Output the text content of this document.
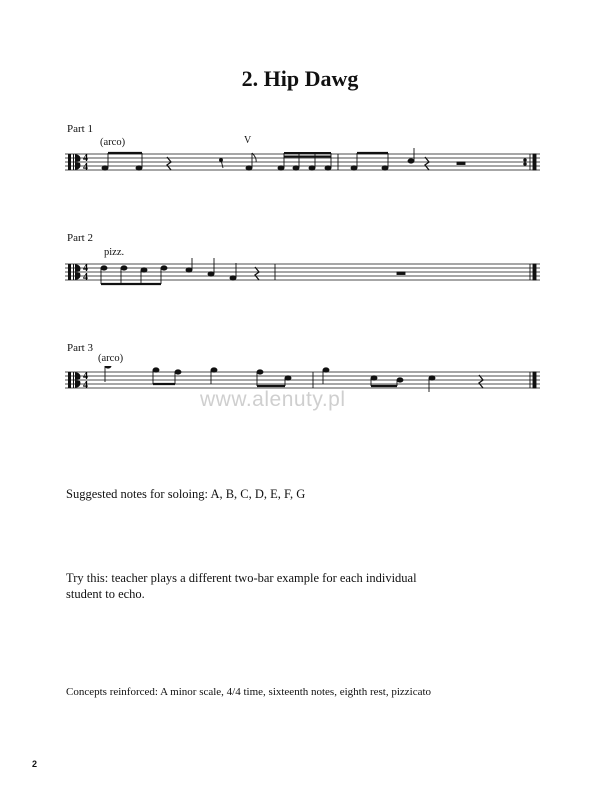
2. Hip Dawg
Part 1
(arco)	V
4
4
Part 2
pizz.
4
4
Part 3
(arco)
4
4
www.alenuty.pl
Suggested notes for soloing: A, B, C, D, E, F, G
Try this: teacher plays a different two-bar example for each individual student to echo.
Concepts reinforced: A minor scale, 4/4 time, sixteenth notes, eighth rest, pizzicato
2
